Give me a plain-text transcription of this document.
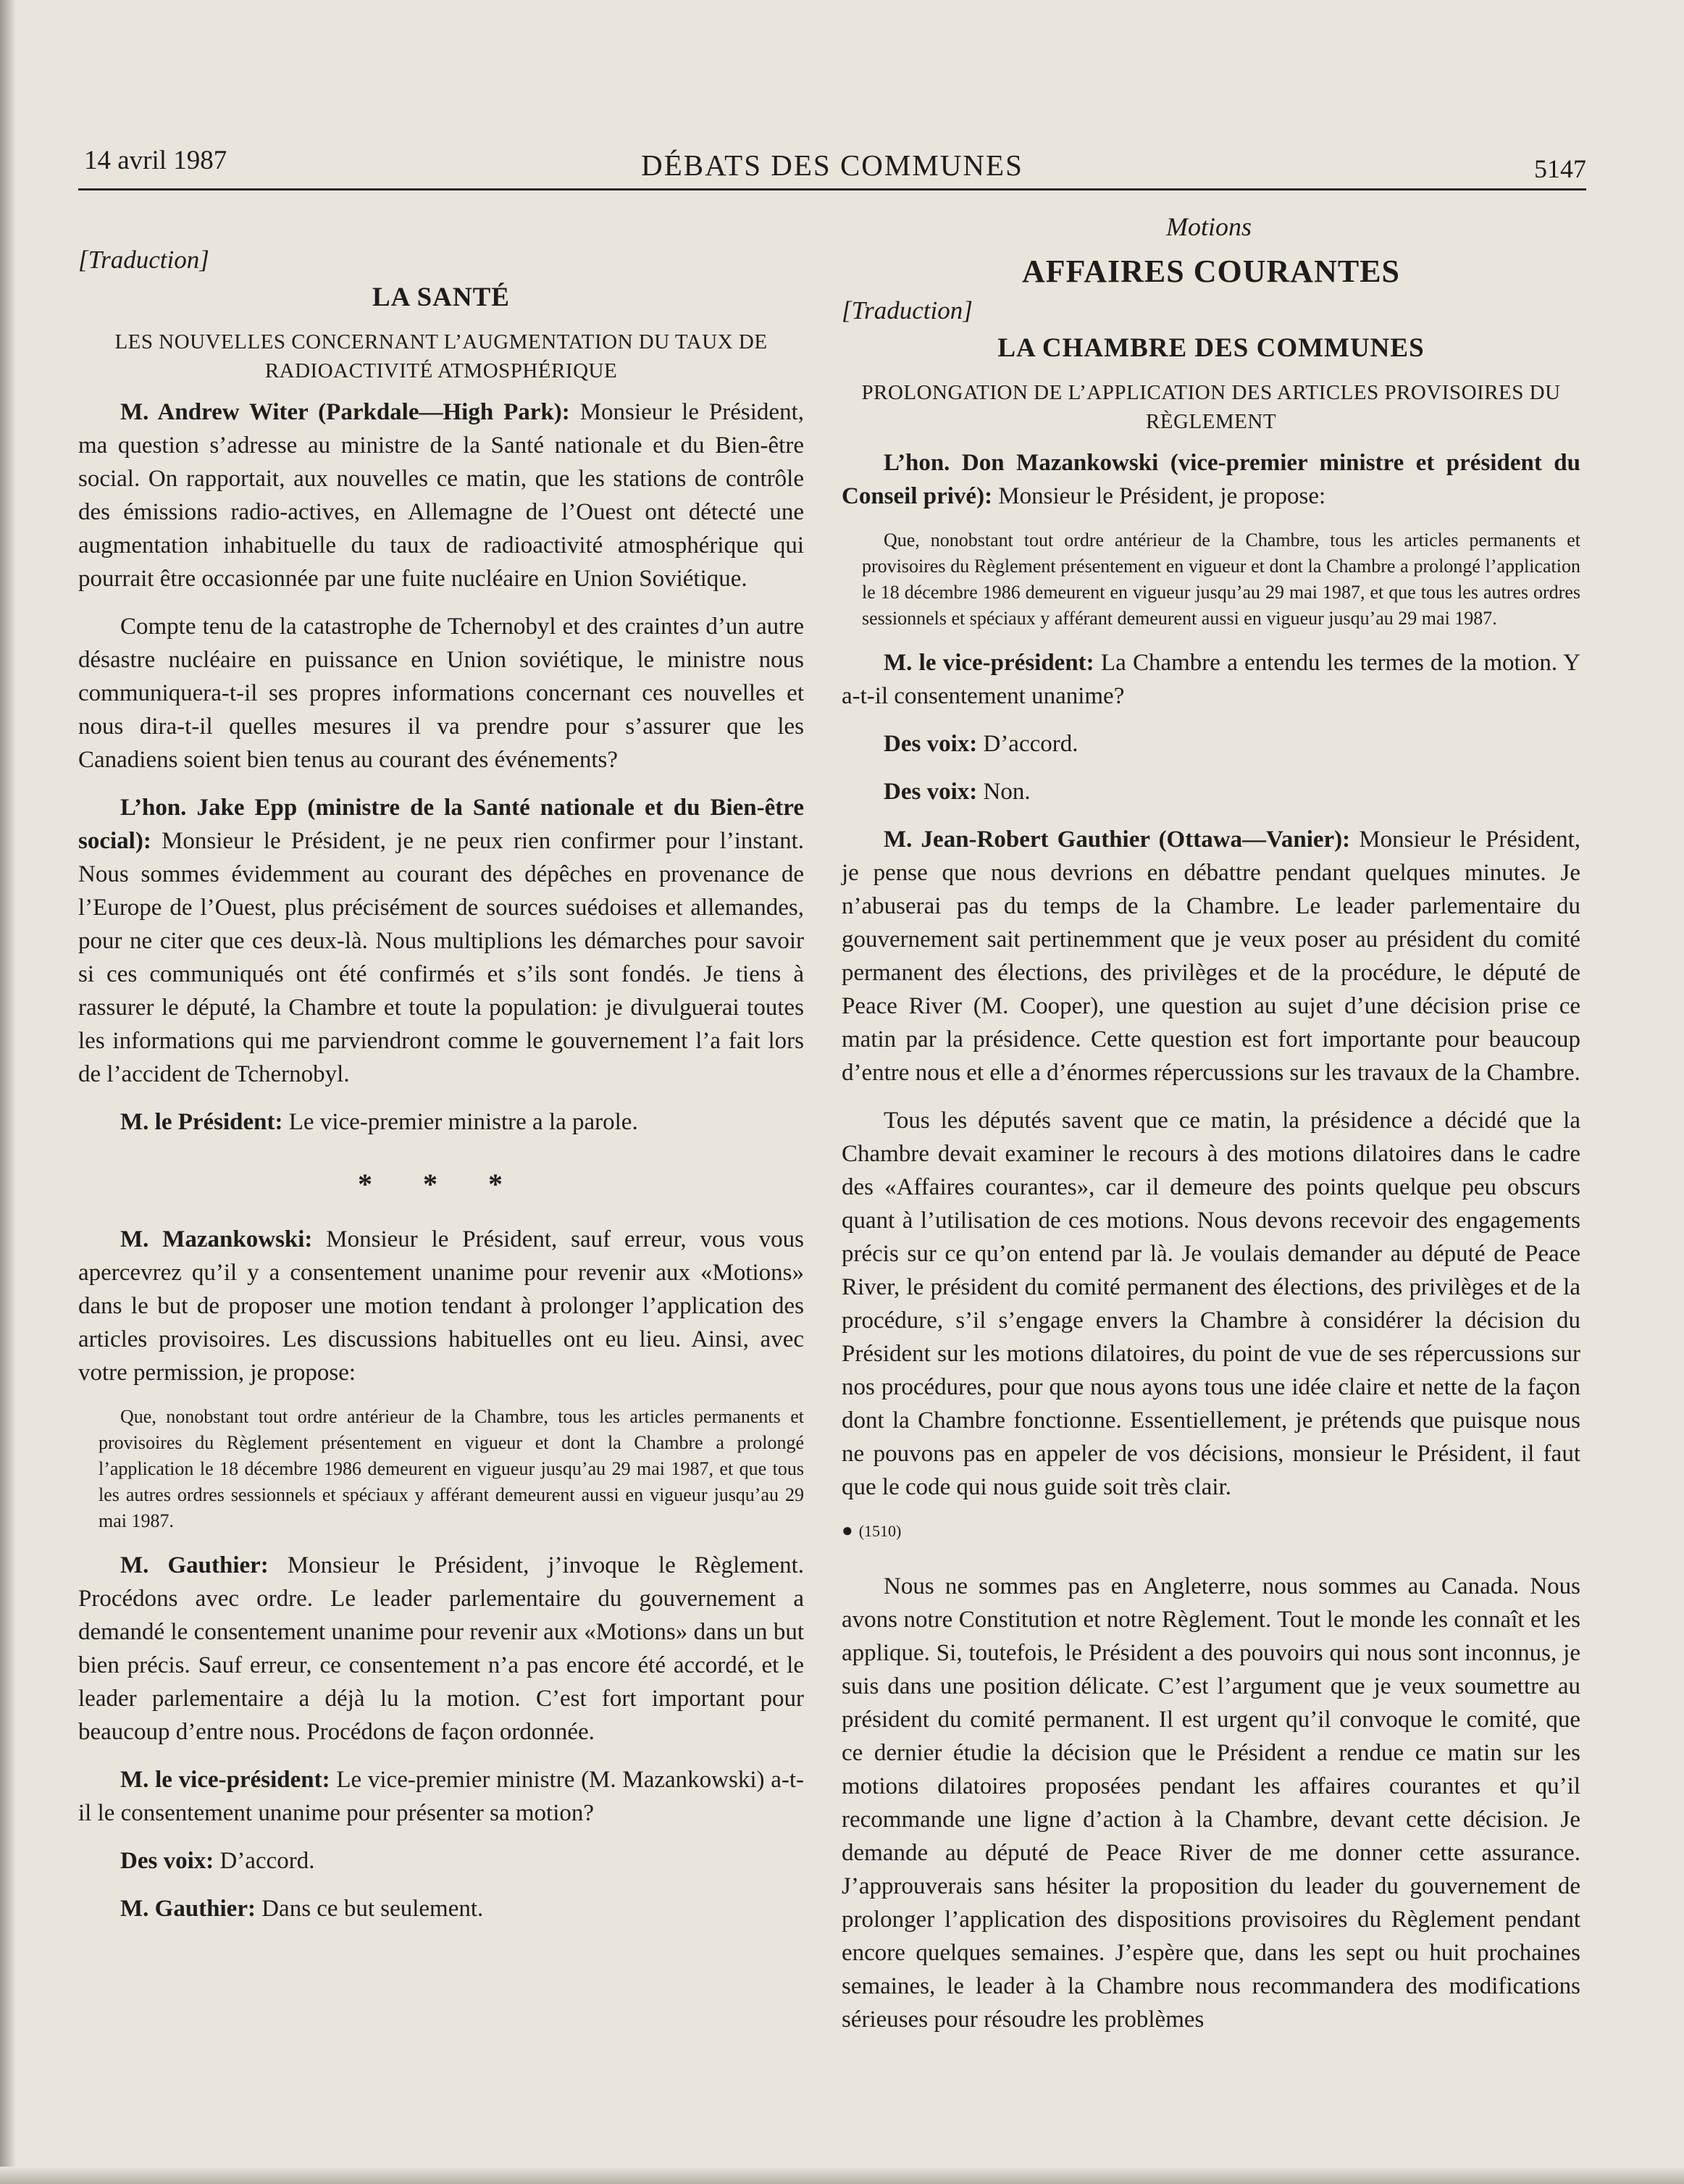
14 avril 1987	DÉBATS DES COMMUNES	5147
Motions
[Traduction]
LA SANTÉ
LES NOUVELLES CONCERNANT L’AUGMENTATION DU TAUX DE RADIOACTIVITÉ ATMOSPHÉRIQUE

M. Andrew Witer (Parkdale—High Park): Monsieur le Président, ma question s’adresse au ministre de la Santé nationale et du Bien-être social. On rapportait, aux nouvelles ce matin, que les stations de contrôle des émissions radio-actives, en Allemagne de l’Ouest ont détecté une augmentation inhabituelle du taux de radioactivité atmosphérique qui pourrait être occasionnée par une fuite nucléaire en Union Soviétique.

Compte tenu de la catastrophe de Tchernobyl et des craintes d’un autre désastre nucléaire en puissance en Union soviétique, le ministre nous communiquera-t-il ses propres informations concernant ces nouvelles et nous dira-t-il quelles mesures il va prendre pour s’assurer que les Canadiens soient bien tenus au courant des événements?

L’hon. Jake Epp (ministre de la Santé nationale et du Bien-être social): Monsieur le Président, je ne peux rien confirmer pour l’instant. Nous sommes évidemment au courant des dépêches en provenance de l’Europe de l’Ouest, plus précisément de sources suédoises et allemandes, pour ne citer que ces deux-là. Nous multiplions les démarches pour savoir si ces communiqués ont été confirmés et s’ils sont fondés. Je tiens à rassurer le député, la Chambre et toute la population: je divulguerai toutes les informations qui me parviendront comme le gouvernement l’a fait lors de l’accident de Tchernobyl.

M. le Président: Le vice-premier ministre a la parole.

* * *

M. Mazankowski: Monsieur le Président, sauf erreur, vous vous apercevrez qu’il y a consentement unanime pour revenir aux «Motions» dans le but de proposer une motion tendant à prolonger l’application des articles provisoires. Les discussions habituelles ont eu lieu. Ainsi, avec votre permission, je propose:

Que, nonobstant tout ordre antérieur de la Chambre, tous les articles permanents et provisoires du Règlement présentement en vigueur et dont la Chambre a prolongé l’application le 18 décembre 1986 demeurent en vigueur jusqu’au 29 mai 1987, et que tous les autres ordres sessionnels et spéciaux y afférant demeurent aussi en vigueur jusqu’au 29 mai 1987.

M. Gauthier: Monsieur le Président, j’invoque le Règlement. Procédons avec ordre. Le leader parlementaire du gouvernement a demandé le consentement unanime pour revenir aux «Motions» dans un but bien précis. Sauf erreur, ce consentement n’a pas encore été accordé, et le leader parlementaire a déjà lu la motion. C’est fort important pour beaucoup d’entre nous. Procédons de façon ordonnée.

M. le vice-président: Le vice-premier ministre (M. Mazankowski) a-t-il le consentement unanime pour présenter sa motion?

Des voix: D’accord.

M. Gauthier: Dans ce but seulement.

AFFAIRES COURANTES
[Traduction]
LA CHAMBRE DES COMMUNES
PROLONGATION DE L’APPLICATION DES ARTICLES PROVISOIRES DU RÈGLEMENT

L’hon. Don Mazankowski (vice-premier ministre et président du Conseil privé): Monsieur le Président, je propose:

Que, nonobstant tout ordre antérieur de la Chambre, tous les articles permanents et provisoires du Règlement présentement en vigueur et dont la Chambre a prolongé l’application le 18 décembre 1986 demeurent en vigueur jusqu’au 29 mai 1987, et que tous les autres ordres sessionnels et spéciaux y afférant demeurent aussi en vigueur jusqu’au 29 mai 1987.

M. le vice-président: La Chambre a entendu les termes de la motion. Y a-t-il consentement unanime?

Des voix: D’accord.

Des voix: Non.

M. Jean-Robert Gauthier (Ottawa—Vanier): Monsieur le Président, je pense que nous devrions en débattre pendant quelques minutes. Je n’abuserai pas du temps de la Chambre. Le leader parlementaire du gouvernement sait pertinemment que je veux poser au président du comité permanent des élections, des privilèges et de la procédure, le député de Peace River (M. Cooper), une question au sujet d’une décision prise ce matin par la présidence. Cette question est fort importante pour beaucoup d’entre nous et elle a d’énormes répercussions sur les travaux de la Chambre.

Tous les députés savent que ce matin, la présidence a décidé que la Chambre devait examiner le recours à des motions dilatoires dans le cadre des «Affaires courantes», car il demeure des points quelque peu obscurs quant à l’utilisation de ces motions. Nous devons recevoir des engagements précis sur ce qu’on entend par là. Je voulais demander au député de Peace River, le président du comité permanent des élections, des privilèges et de la procédure, s’il s’engage envers la Chambre à considérer la décision du Président sur les motions dilatoires, du point de vue de ses répercussions sur nos procédures, pour que nous ayons tous une idée claire et nette de la façon dont la Chambre fonctionne. Essentiellement, je prétends que puisque nous ne pouvons pas en appeler de vos décisions, monsieur le Président, il faut que le code qui nous guide soit très clair.

● (1510)

Nous ne sommes pas en Angleterre, nous sommes au Canada. Nous avons notre Constitution et notre Règlement. Tout le monde les connaît et les applique. Si, toutefois, le Président a des pouvoirs qui nous sont inconnus, je suis dans une position délicate. C’est l’argument que je veux soumettre au président du comité permanent. Il est urgent qu’il convoque le comité, que ce dernier étudie la décision que le Président a rendue ce matin sur les motions dilatoires proposées pendant les affaires courantes et qu’il recommande une ligne d’action à la Chambre, devant cette décision. Je demande au député de Peace River de me donner cette assurance. J’approuverais sans hésiter la proposition du leader du gouvernement de prolonger l’application des dispositions provisoires du Règlement pendant encore quelques semaines. J’espère que, dans les sept ou huit prochaines semaines, le leader à la Chambre nous recommandera des modifications sérieuses pour résoudre les problèmes
